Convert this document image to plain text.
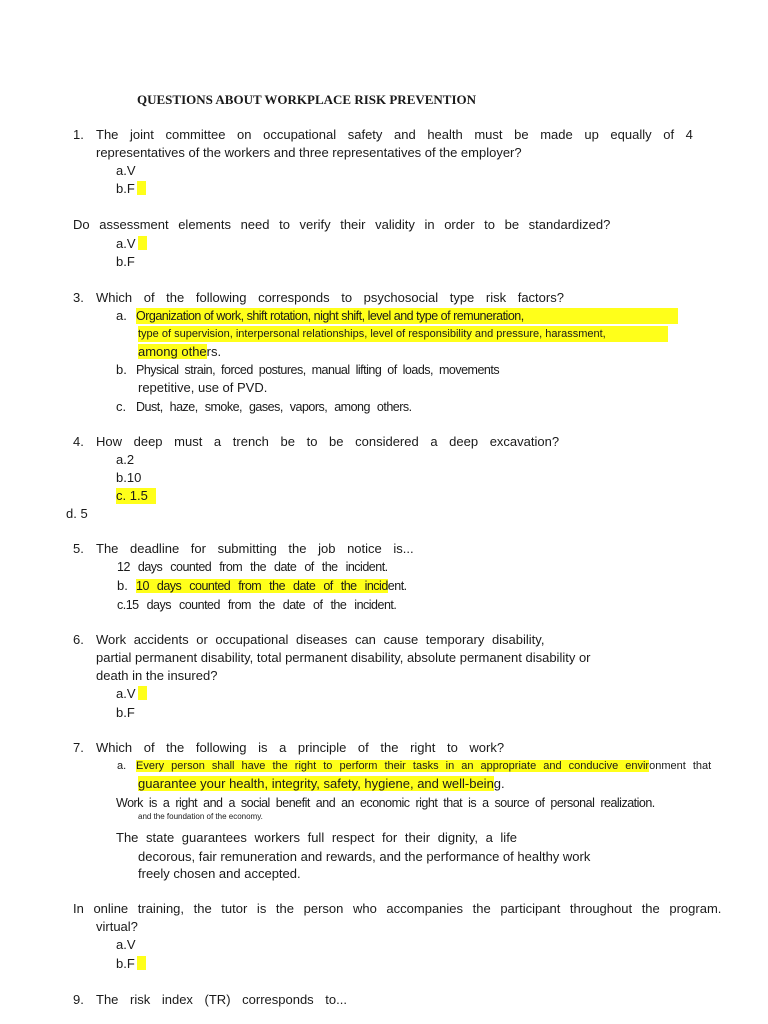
QUESTIONS ABOUT WORKPLACE RISK PREVENTION
1. The joint committee on occupational safety and health must be made up equally of 4
representatives of the workers and three representatives of the employer?
a.V
b.F
Do assessment elements need to verify their validity in order to be standardized?
a.V
b.F
3. Which of the following corresponds to psychosocial type risk factors?
a. Organization of work, shift rotation, night shift, level and type of remuneration,
type of supervision, interpersonal relationships, level of responsibility and pressure, harassment,
among others.
b. Physical strain, forced postures, manual lifting of loads, movements
repetitive, use of PVD.
c. Dust, haze, smoke, gases, vapors, among others.
4. How deep must a trench be to be considered a deep excavation?
a.2
b.10
c. 1.5
d. 5
5. The deadline for submitting the job notice is...
12 days counted from the date of the incident.
b. 10 days counted from the date of the incident.
c.15 days counted from the date of the incident.
6. Work accidents or occupational diseases can cause temporary disability,
partial permanent disability, total permanent disability, absolute permanent disability or
death in the insured?
a.V
b.F
7. Which of the following is a principle of the right to work?
a. Every person shall have the right to perform their tasks in an appropriate and conducive environment that
guarantee your health, integrity, safety, hygiene, and well-being.
Work is a right and a social benefit and an economic right that is a source of personal realization.
and the foundation of the economy.
The state guarantees workers full respect for their dignity, a life
decorous, fair remuneration and rewards, and the performance of healthy work
freely chosen and accepted.
In online training, the tutor is the person who accompanies the participant throughout the program.
virtual?
a.V
b.F
9. The risk index (TR) corresponds to...
